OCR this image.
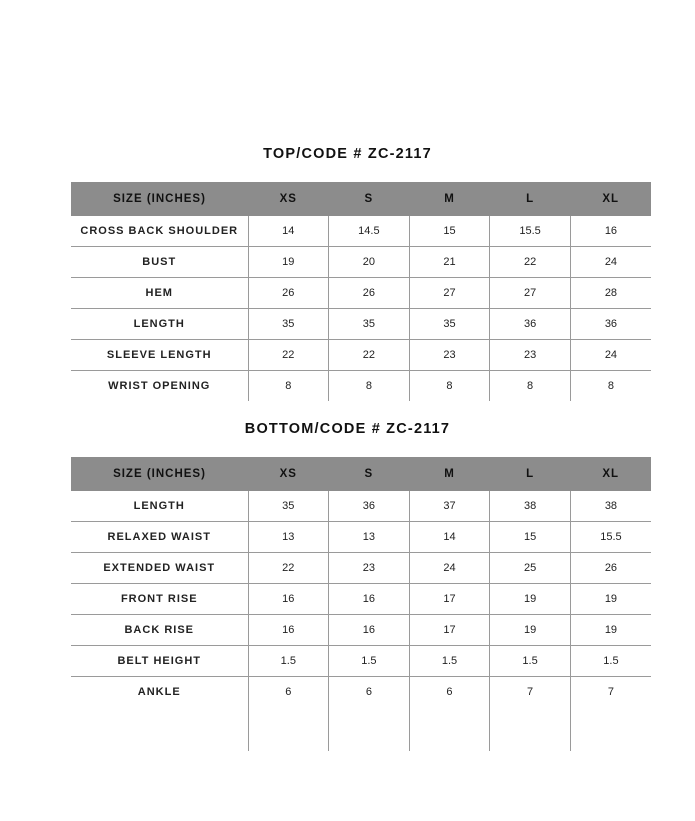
TOP/CODE # ZC-2117
SIZE (INCHES)	XS	S	M	L	XL
CROSS BACK SHOULDER	14	14.5	15	15.5	16
BUST	19	20	21	22	24
HEM	26	26	27	27	28
LENGTH	35	35	35	36	36
SLEEVE LENGTH	22	22	23	23	24
WRIST OPENING	8	8	8	8	8
BOTTOM/CODE # ZC-2117
SIZE (INCHES)	XS	S	M	L	XL
LENGTH	35	36	37	38	38
RELAXED WAIST	13	13	14	15	15.5
EXTENDED WAIST	22	23	24	25	26
FRONT RISE	16	16	17	19	19
BACK RISE	16	16	17	19	19
BELT HEIGHT	1.5	1.5	1.5	1.5	1.5
ANKLE	6	6	6	7	7
